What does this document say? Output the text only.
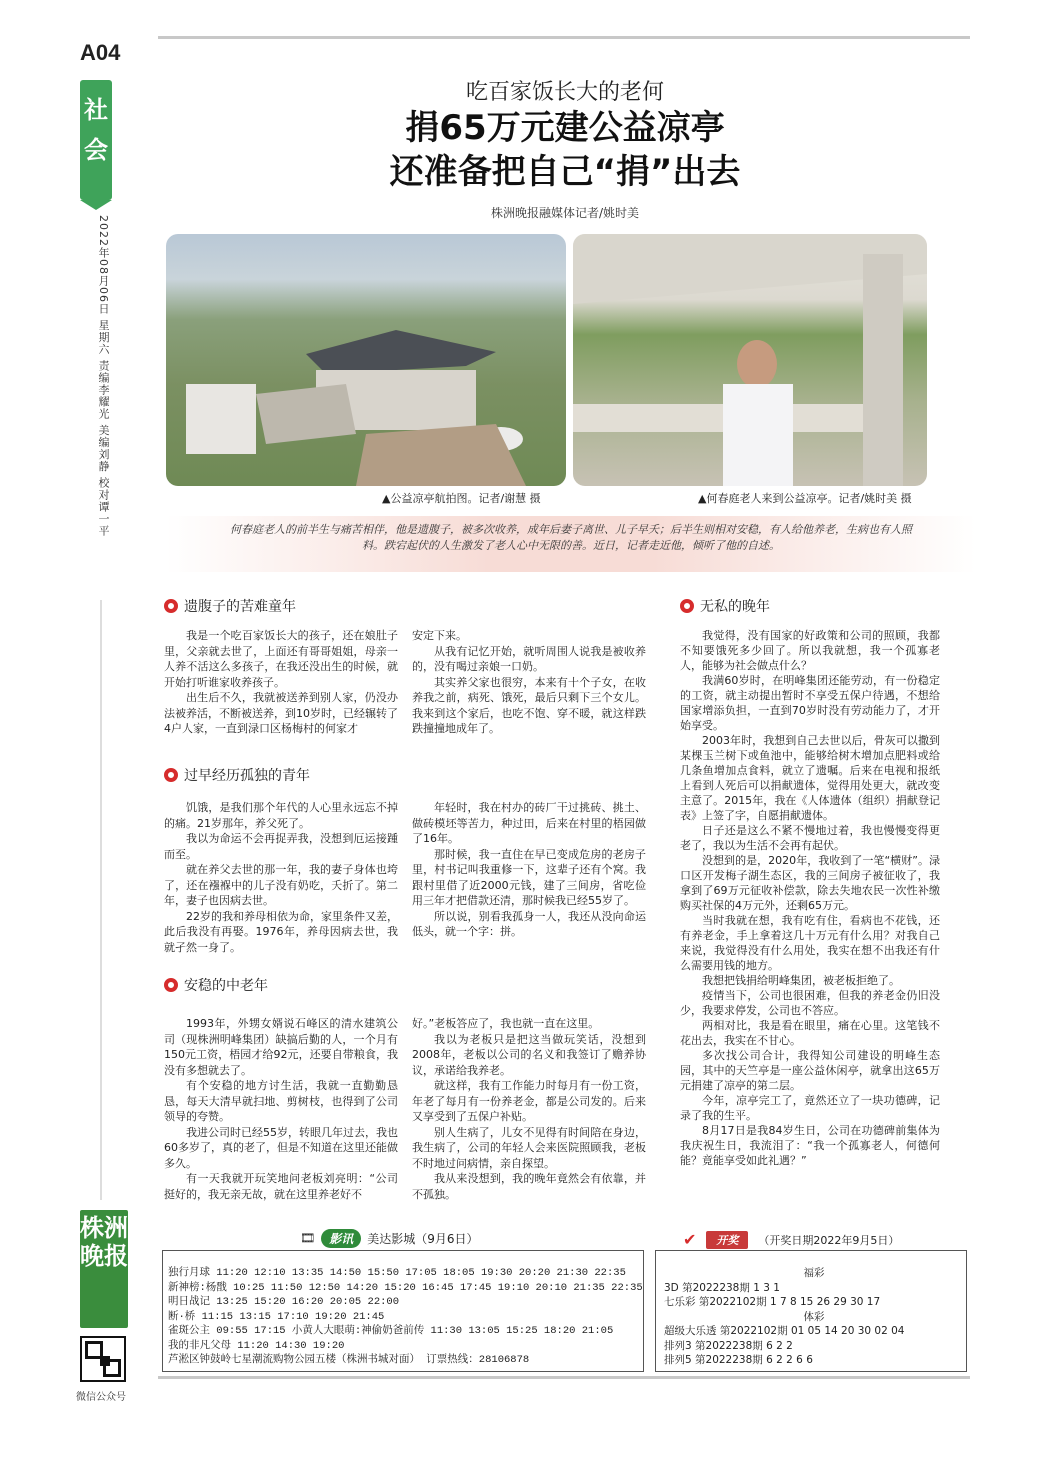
A04
社会
2022年08月06日 星期六 责编李耀光 美编刘静 校对谭一平
株洲晚报
微信公众号
吃百家饭长大的老何
捐65万元建公益凉亭
还准备把自己“捐”出去
株洲晚报融媒体记者/姚时美
▲公益凉亭航拍图。记者/谢慧 摄	▲何春庭老人来到公益凉亭。记者/姚时美 摄
何春庭老人的前半生与痛苦相伴，他是遗腹子，被多次收养，成年后妻子离世、儿子早夭；后半生则相对安稳，有人给他养老，生病也有人照料。跌宕起伏的人生激发了老人心中无限的善。近日，记者走近他，倾听了他的自述。
遗腹子的苦难童年

我是一个吃百家饭长大的孩子，还在娘肚子里，父亲就去世了，上面还有哥哥姐姐，母亲一人养不活这么多孩子，在我还没出生的时候，就开始打听谁家收养孩子。

出生后不久，我就被送养到别人家，仍没办法被养活，不断被送养，到10岁时，已经辗转了4户人家，一直到渌口区杨梅村的何家才

安定下来。

从我有记忆开始，就听周围人说我是被收养的，没有喝过亲娘一口奶。

其实养父家也很穷，本来有十个子女，在收养我之前，病死、饿死，最后只剩下三个女儿。我来到这个家后，也吃不饱、穿不暖，就这样跌跌撞撞地成年了。

过早经历孤独的青年

饥饿，是我们那个年代的人心里永远忘不掉的痛。21岁那年，养父死了。

我以为命运不会再捉弄我，没想到厄运接踵而至。

就在养父去世的那一年，我的妻子身体也垮了，还在襁褓中的儿子没有奶吃，夭折了。第二年，妻子也因病去世。

22岁的我和养母相依为命，家里条件又差，此后我没有再娶。1976年，养母因病去世，我就孑然一身了。

年轻时，我在村办的砖厂干过挑砖、挑土、做砖模坯等苦力，种过田，后来在村里的梧园做了16年。

那时候，我一直住在早已变成危房的老房子里，村书记叫我重修一下，这辈子还有个窝。我跟村里借了近2000元钱，建了三间房，省吃俭用三年才把借款还清，那时候我已经55岁了。

所以说，别看我孤身一人，我还从没向命运低头，就一个字：拼。

安稳的中老年

1993年，外甥女婿说石峰区的清水建筑公司（现株洲明峰集团）缺搞后勤的人，一个月有150元工资，梧园才给92元，还要自带粮食，我没有多想就去了。

有个安稳的地方讨生活，我就一直勤勤恳恳，每天大清早就扫地、剪树枝，也得到了公司领导的夸赞。

我进公司时已经55岁，转眼几年过去，我也60多岁了，真的老了，但是不知道在这里还能做多久。

有一天我就开玩笑地问老板刘亮明：“公司挺好的，我无亲无故，就在这里养老好不

好。”老板答应了，我也就一直在这里。

我以为老板只是把这当做玩笑话，没想到2008年，老板以公司的名义和我签订了赡养协议，承诺给我养老。

就这样，我有工作能力时每月有一份工资，年老了每月有一份养老金，都是公司发的。后来又享受到了五保户补贴。

别人生病了，儿女不见得有时间陪在身边，我生病了，公司的年轻人会来医院照顾我，老板不时地过问病情，亲自探望。

我从来没想到，我的晚年竟然会有依靠，并不孤独。

无私的晚年

我觉得，没有国家的好政策和公司的照顾，我都不知要饿死多少回了。所以我就想，我一个孤寡老人，能够为社会做点什么？

我满60岁时，在明峰集团还能劳动，有一份稳定的工资，就主动提出暂时不享受五保户待遇，不想给国家增添负担，一直到70岁时没有劳动能力了，才开始享受。

2003年时，我想到自己去世以后，骨灰可以撒到某棵玉兰树下或鱼池中，能够给树木增加点肥料或给几条鱼增加点食料，就立了遗嘱。后来在电视和报纸上看到人死后可以捐献遗体，觉得用处更大，就改变主意了。2015年，我在《人体遗体（组织）捐献登记表》上签了字，自愿捐献遗体。

日子还是这么不紧不慢地过着，我也慢慢变得更老了，我以为生活不会再有起伏。

没想到的是，2020年，我收到了一笔“横财”。渌口区开发梅子湖生态区，我的三间房子被征收了，我拿到了69万元征收补偿款，除去失地农民一次性补缴购买社保的4万元外，还剩65万元。

当时我就在想，我有吃有住，看病也不花钱，还有养老金，手上拿着这几十万元有什么用？对我自己来说，我觉得没有什么用处，我实在想不出我还有什么需要用钱的地方。

我想把钱捐给明峰集团，被老板拒绝了。

疫情当下，公司也很困难，但我的养老金仍旧没少，我要求停发，公司也不答应。

两相对比，我是看在眼里，痛在心里。这笔钱不花出去，我实在不甘心。

多次找公司合计，我得知公司建设的明峰生态园，其中的天竺亭是一座公益休闲亭，就拿出这65万元捐建了凉亭的第二层。

今年，凉亭完工了，竟然还立了一块功德碑，记录了我的生平。

8月17日是我84岁生日，公司在功德碑前集体为我庆祝生日，我流泪了：“我一个孤寡老人，何德何能？竟能享受如此礼遇？”

🎞	影讯	美达影城（9月6日）
独行月球 11:20 12:10 13:35 14:50 15:50 17:05 18:05 19:30 20:20 21:30 22:35
新神榜:杨戬 10:25 11:50 12:50 14:20 15:20 16:45 17:45 19:10 20:10 21:35 22:35
明日战记 13:25 15:20 16:20 20:05 22:00
断·桥 11:15 13:15 17:10 19:20 21:45
雀斑公主 09:55 17:15 小黄人大眼萌:神偷奶爸前传 11:30 13:05 15:25 18:20 21:05
我的非凡父母 11:20 14:30 19:20
芦淞区钟鼓岭七星潮流购物公园五楼（株洲书城对面） 订票热线：28106878
✔	开奖	（开奖日期2022年9月5日）
福彩
3D 第2022238期 1 3 1
七乐彩 第2022102期 1 7 8 15 26 29 30 17
体彩
超级大乐透 第2022102期 01 05 14 20 30 02 04
排列3 第2022238期 6 2 2
排列5 第2022238期 6 2 2 6 6
